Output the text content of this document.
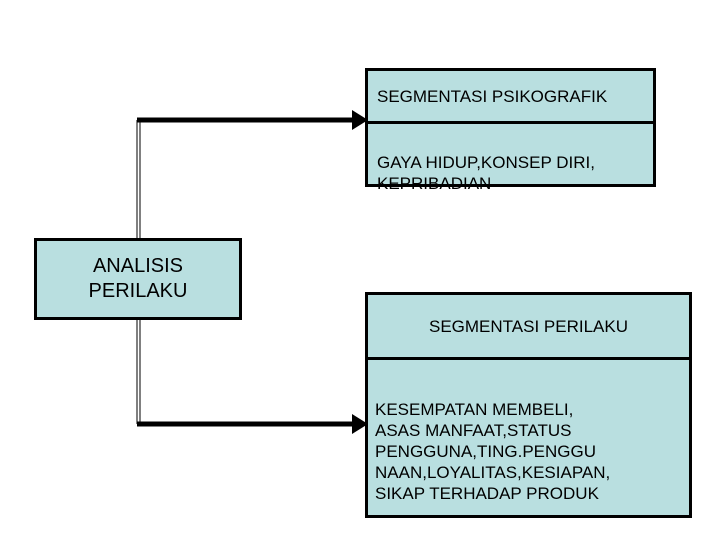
ANALISIS
PERILAKU
SEGMENTASI PSIKOGRAFIK

GAYA HIDUP,KONSEP DIRI,
KEPRIBADIAN

SEGMENTASI PERILAKU

KESEMPATAN MEMBELI,
ASAS MANFAAT,STATUS
PENGGUNA,TING.PENGGU
NAAN,LOYALITAS,KESIAPAN,
SIKAP TERHADAP PRODUK
